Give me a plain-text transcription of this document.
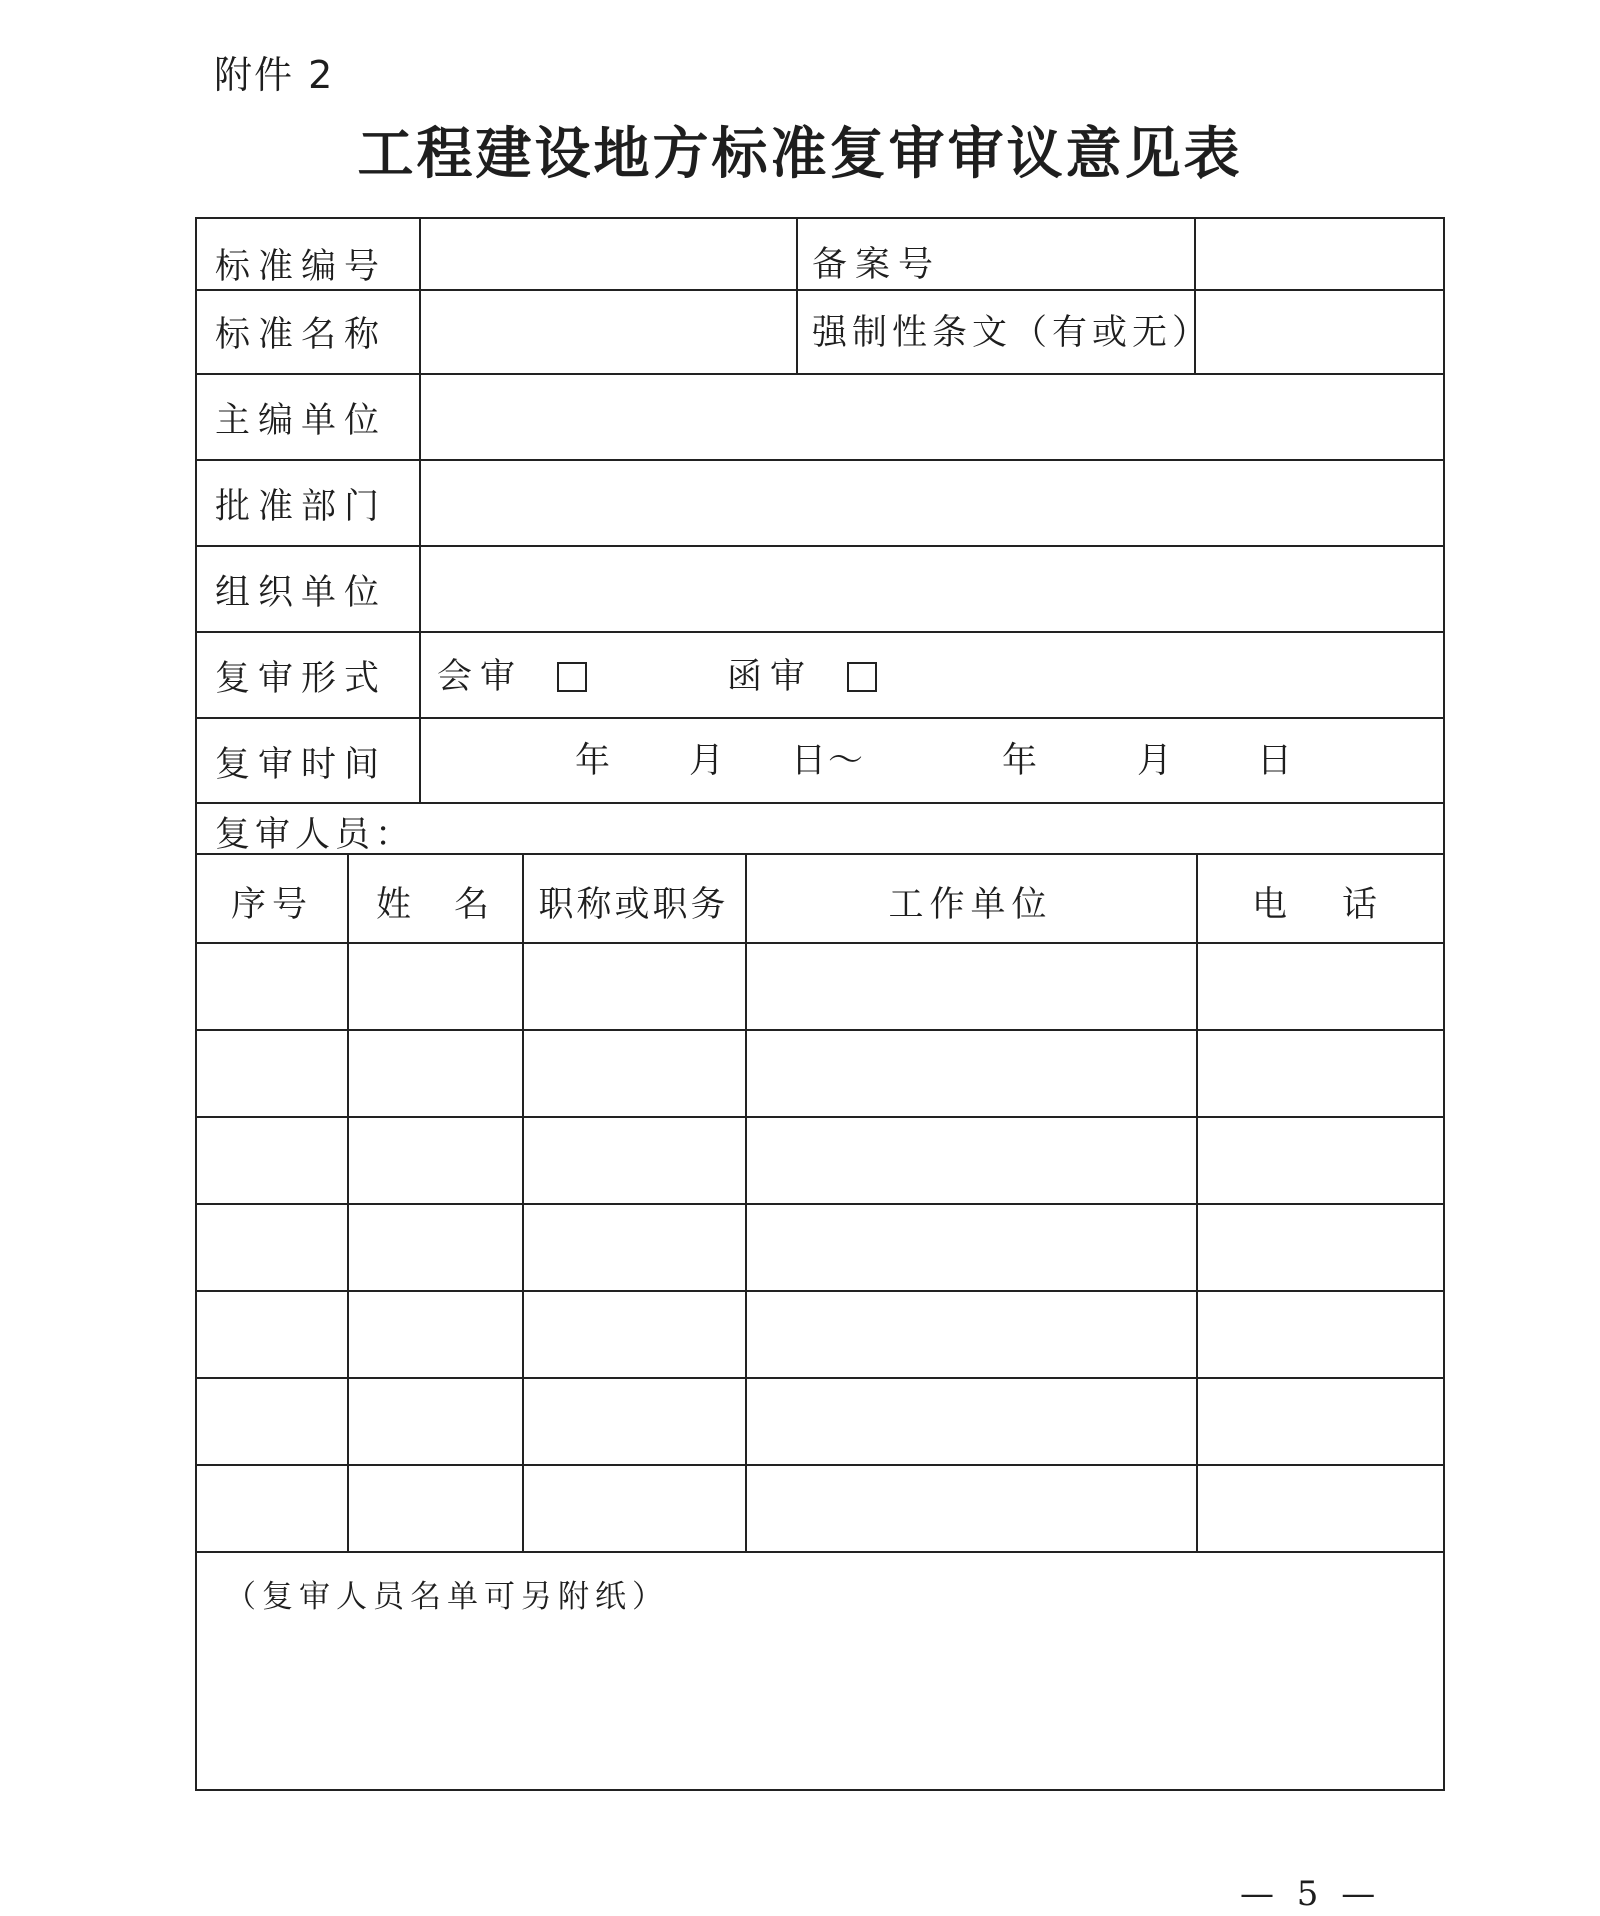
附件 2
工程建设地方标准复审审议意见表
标准编号	备案号
标准名称	强制性条文（有或无）
主编单位
批准部门
组织单位
复审形式 会审	函审
复审时间	年 月 日～	年	月 日
复审人员：
序号	姓　名	职称或职务	工作单位	电　话
（复审人员名单可另附纸）
— 5 —
